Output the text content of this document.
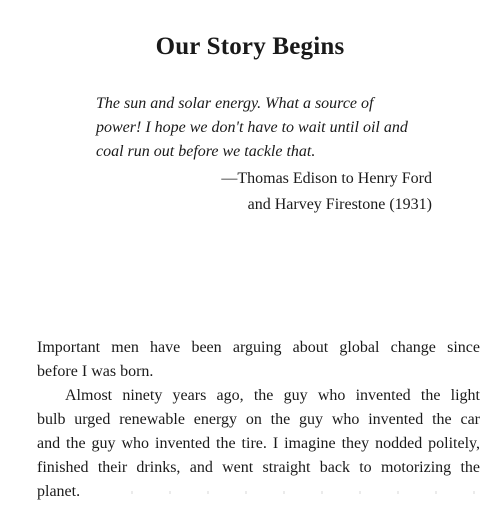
Our Story Begins
The sun and solar energy. What a source of
power! I hope we don't have to wait until oil and
coal run out before we tackle that.
—Thomas Edison to Henry Ford
and Harvey Firestone (1931)
Important men have been arguing about global change since
before I was born.
Almost ninety years ago, the guy who invented the light
bulb urged renewable energy on the guy who invented the car
and the guy who invented the tire. I imagine they nodded politely,
finished their drinks, and went straight back to motorizing the
planet.
